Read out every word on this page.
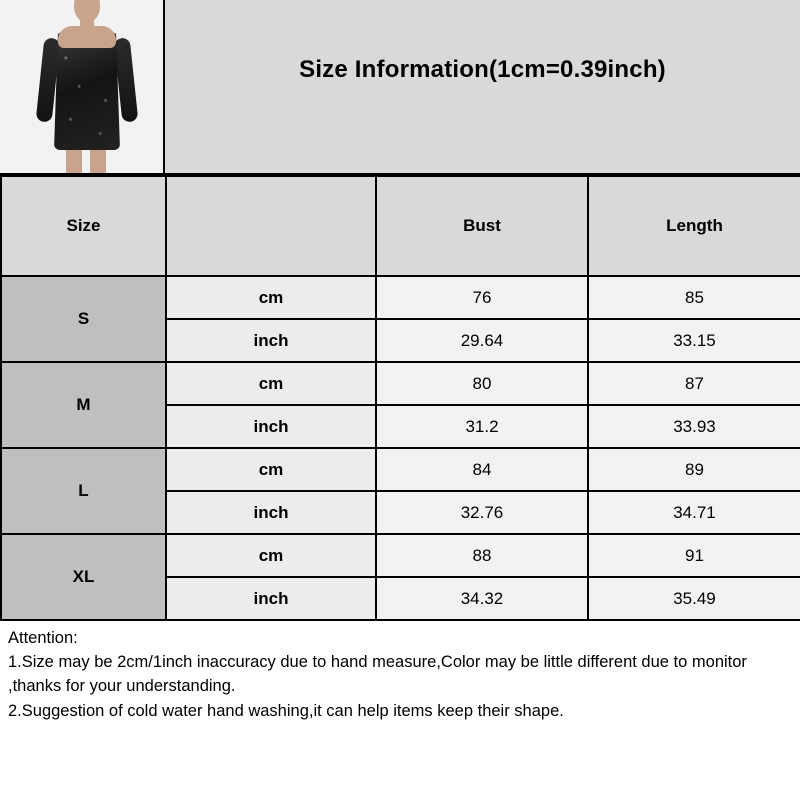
Size Information(1cm=0.39inch)
Size		Bust	Length
S	cm	76	85
	inch	29.64	33.15
M	cm	80	87
	inch	31.2	33.93
L	cm	84	89
	inch	32.76	34.71
XL	cm	88	91
	inch	34.32	35.49

Attention:

1.Size may be 2cm/1inch inaccuracy due to hand measure,Color may be little different due to monitor ,thanks for your understanding.

2.Suggestion of cold water hand washing,it can help items keep their shape.
